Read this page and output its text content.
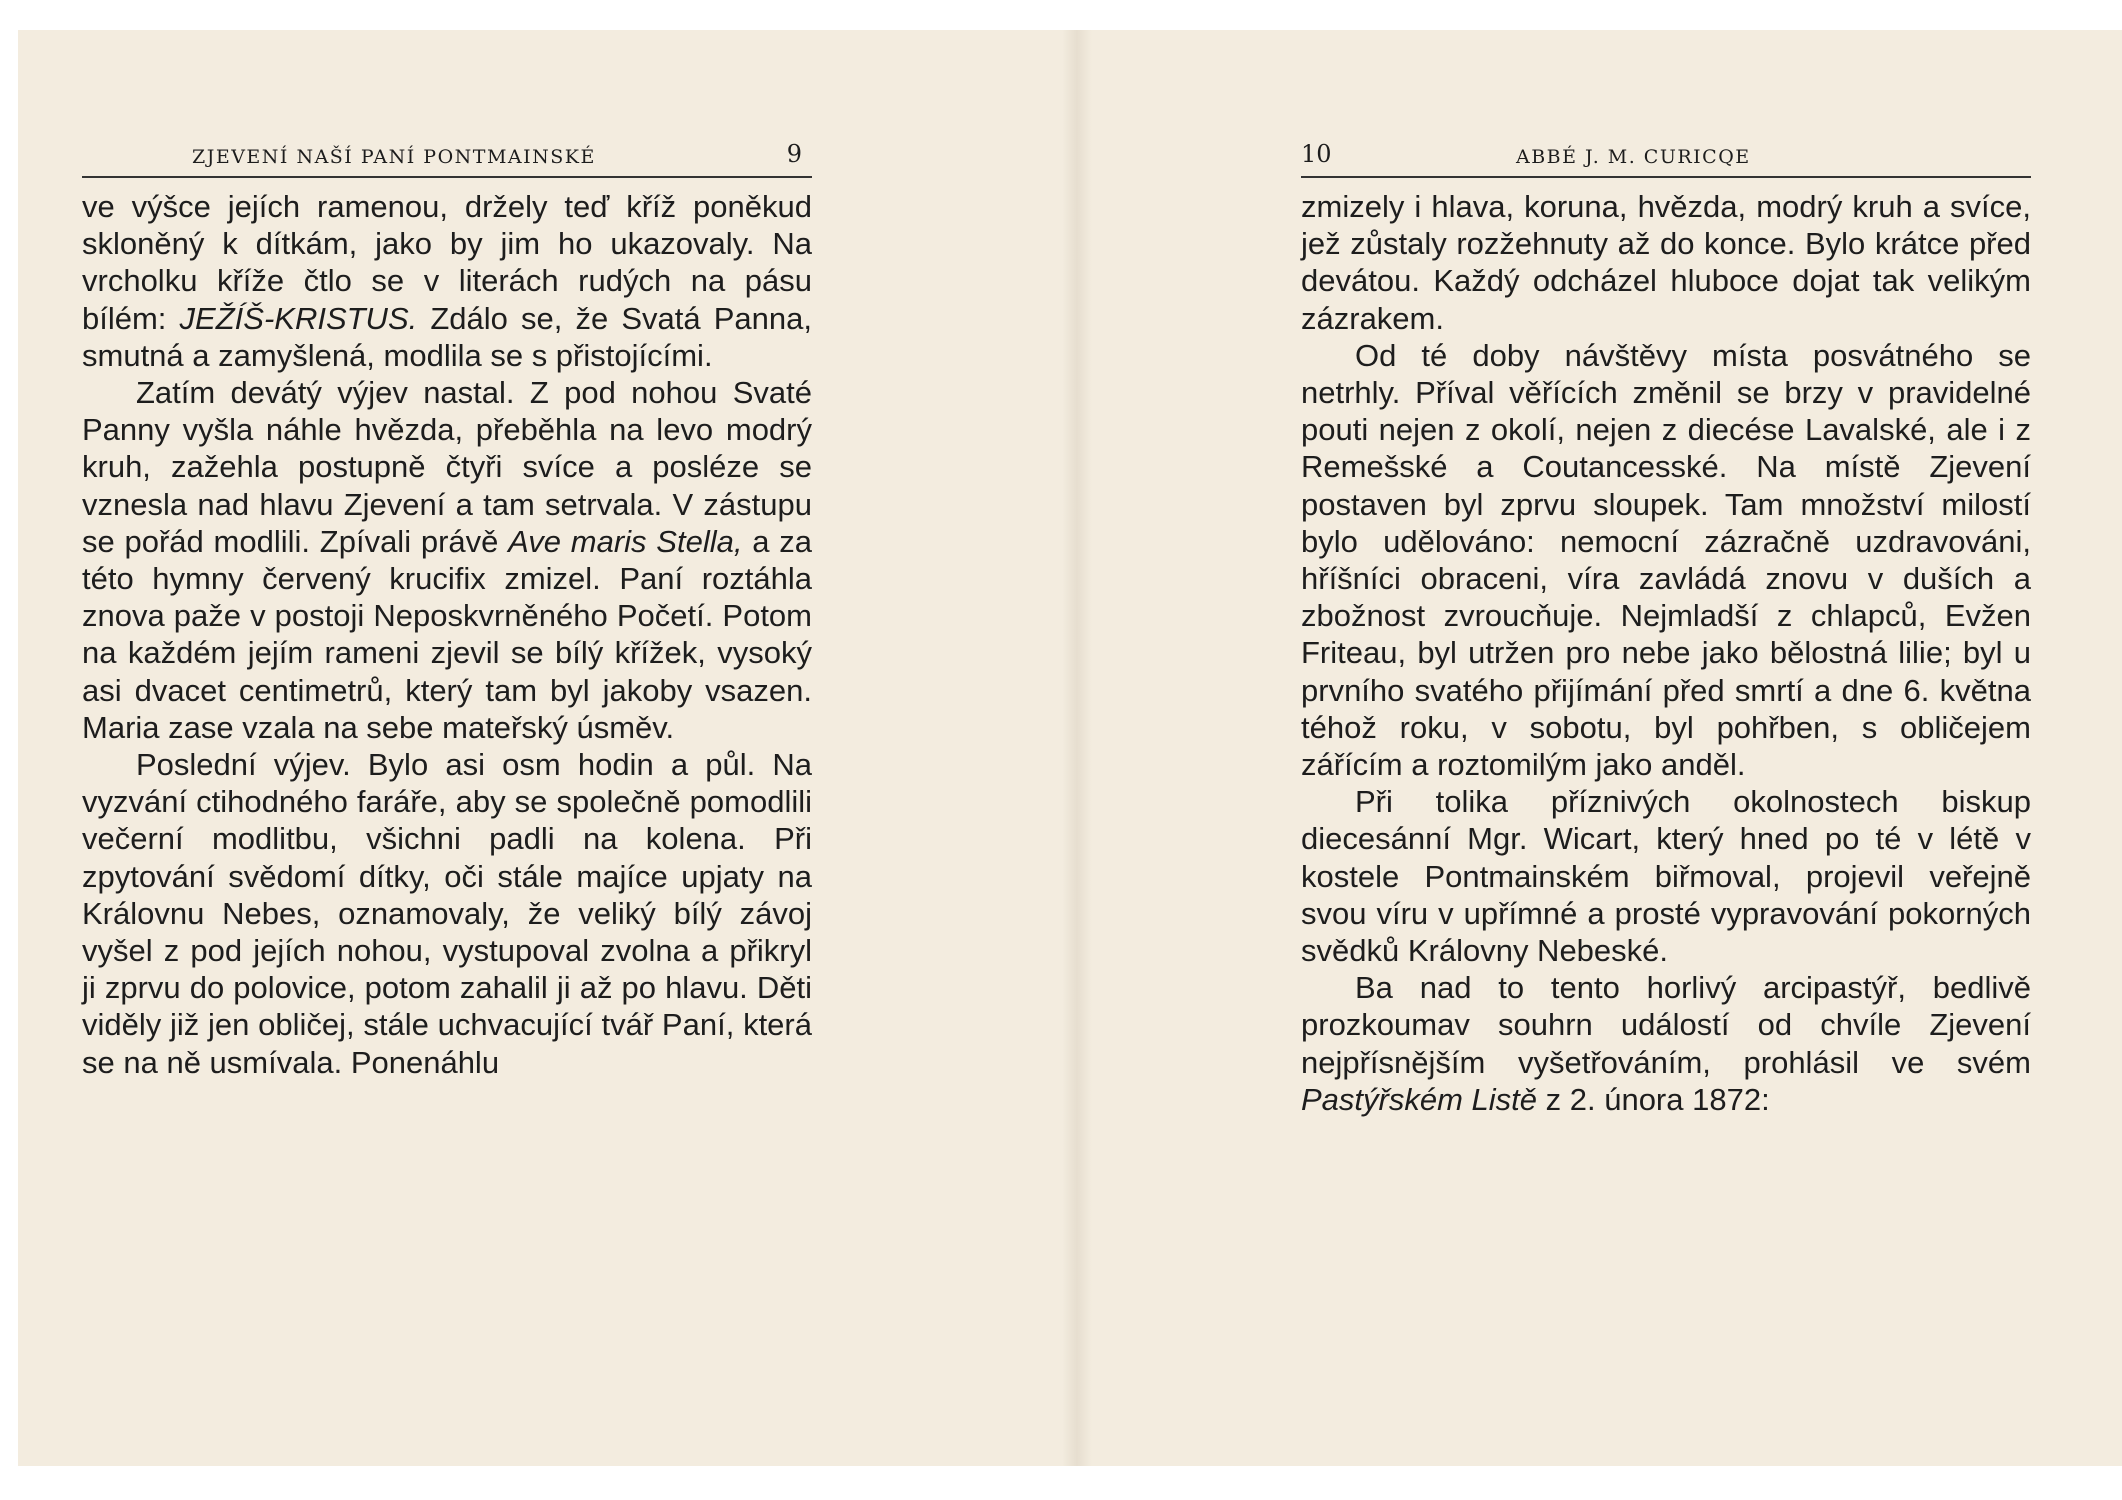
ZJEVENÍ NAŠÍ PANÍ PONTMAINSKÉ	9

ve výšce jejích ramenou, držely teď kříž poněkud skloněný k dítkám, jako by jim ho ukazovaly. Na vrcholku kříže čtlo se v literách rudých na pásu bílém: JEŽÍŠ-KRISTUS. Zdálo se, že Svatá Panna, smutná a zamyšlená, modlila se s přistojícími.

Zatím devátý výjev nastal. Z pod nohou Svaté Panny vyšla náhle hvězda, přeběhla na levo modrý kruh, zažehla postupně čtyři svíce a posléze se vznesla nad hlavu Zjevení a tam setrvala. V zástupu se pořád modlili. Zpívali právě Ave maris Stella, a za této hymny červený krucifix zmizel. Paní roztáhla znova paže v postoji Neposkvrněného Početí. Potom na každém jejím rameni zjevil se bílý křížek, vysoký asi dvacet centimetrů, který tam byl jakoby vsazen. Maria zase vzala na sebe mateřský úsměv.

Poslední výjev. Bylo asi osm hodin a půl. Na vyzvání ctihodného faráře, aby se společně pomodlili večerní modlitbu, všichni padli na kolena. Při zpytování svědomí dítky, oči stále majíce upjaty na Královnu Nebes, oznamovaly, že veliký bílý závoj vyšel z pod jejích nohou, vystupoval zvolna a přikryl ji zprvu do polovice, potom zahalil ji až po hlavu. Děti viděly již jen obličej, stále uchvacující tvář Paní, která se na ně usmívala. Ponenáhlu

ABBÉ J. M. CURICQE
10

zmizely i hlava, koruna, hvězda, modrý kruh a svíce, jež zůstaly rozžehnuty až do konce. Bylo krátce před devátou. Každý odcházel hluboce dojat tak velikým zázrakem.

Od té doby návštěvy místa posvátného se netrhly. Příval věřících změnil se brzy v pravidelné pouti nejen z okolí, nejen z diecése Lavalské, ale i z Remešské a Coutancesské. Na místě Zjevení postaven byl zprvu sloupek. Tam množství milostí bylo udělováno: nemocní zázračně uzdravováni, hříšníci obraceni, víra zavládá znovu v duších a zbožnost zvroucňuje. Nejmladší z chlapců, Evžen Friteau, byl utržen pro nebe jako bělostná lilie; byl u prvního svatého přijímání před smrtí a dne 6. května téhož roku, v sobotu, byl pohřben, s obličejem zářícím a roztomilým jako anděl.

Při tolika příznivých okolnostech biskup diecesánní Mgr. Wicart, který hned po té v létě v kostele Pontmainském biřmoval, projevil veřejně svou víru v upřímné a prosté vypravování pokorných svědků Královny Nebeské.

Ba nad to tento horlivý arcipastýř, bedlivě prozkoumav souhrn událostí od chvíle Zjevení nejpřísnějším vyšetřováním, prohlásil ve svém Pastýřském Listě z 2. února 1872:
